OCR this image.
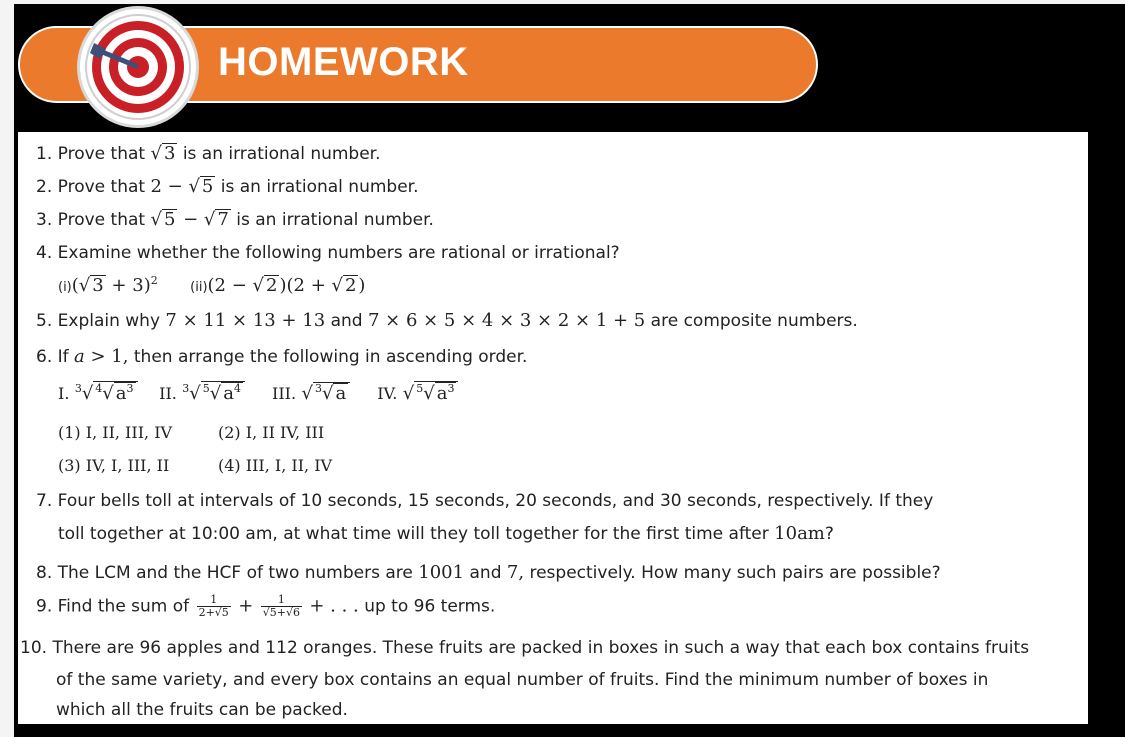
HOMEWORK
1. Prove that √ 3 is an irrational number.
2. Prove that 2 − √ 5 is an irrational number.
3. Prove that √ 5 − √ 7 is an irrational number.
4. Examine whether the following numbers are rational or irrational?
(i)(√ 3 + 3)$^2$ (ii)(2 − √ 2 )(2 + √ 2 )
5. Explain why 7 × 11 × 13 + 13 and 7 × 6 × 5 × 4 × 3 × 2 × 1 + 5 are composite numbers.
6. If a > 1, then arrange the following in ascending order.
I. $^3$√ $^4$√ $a^3$ II. $^3$√ $^5$√ $a^4$ III. √ $^3$√ a IV. √ $^5$√ $a^3$
(1) I, II, III, IV	(2) I, II IV, III
(3) IV, I, III, II	(4) III, I, II, IV
7. Four bells toll at intervals of 10 seconds, 15 seconds, 20 seconds, and 30 seconds, respectively. If they
toll together at 10:00 am, at what time will they toll together for the first time after 10am?
8. The LCM and the HCF of two numbers are 1001 and 7, respectively. How many such pairs are possible?
9. Find the sum of $\frac{1}{2+√5} + \frac{1}{√5+√6}$ + . . . up to 96 terms.
10. There are 96 apples and 112 oranges. These fruits are packed in boxes in such a way that each box contains fruits
of the same variety, and every box contains an equal number of fruits. Find the minimum number of boxes in
which all the fruits can be packed.
